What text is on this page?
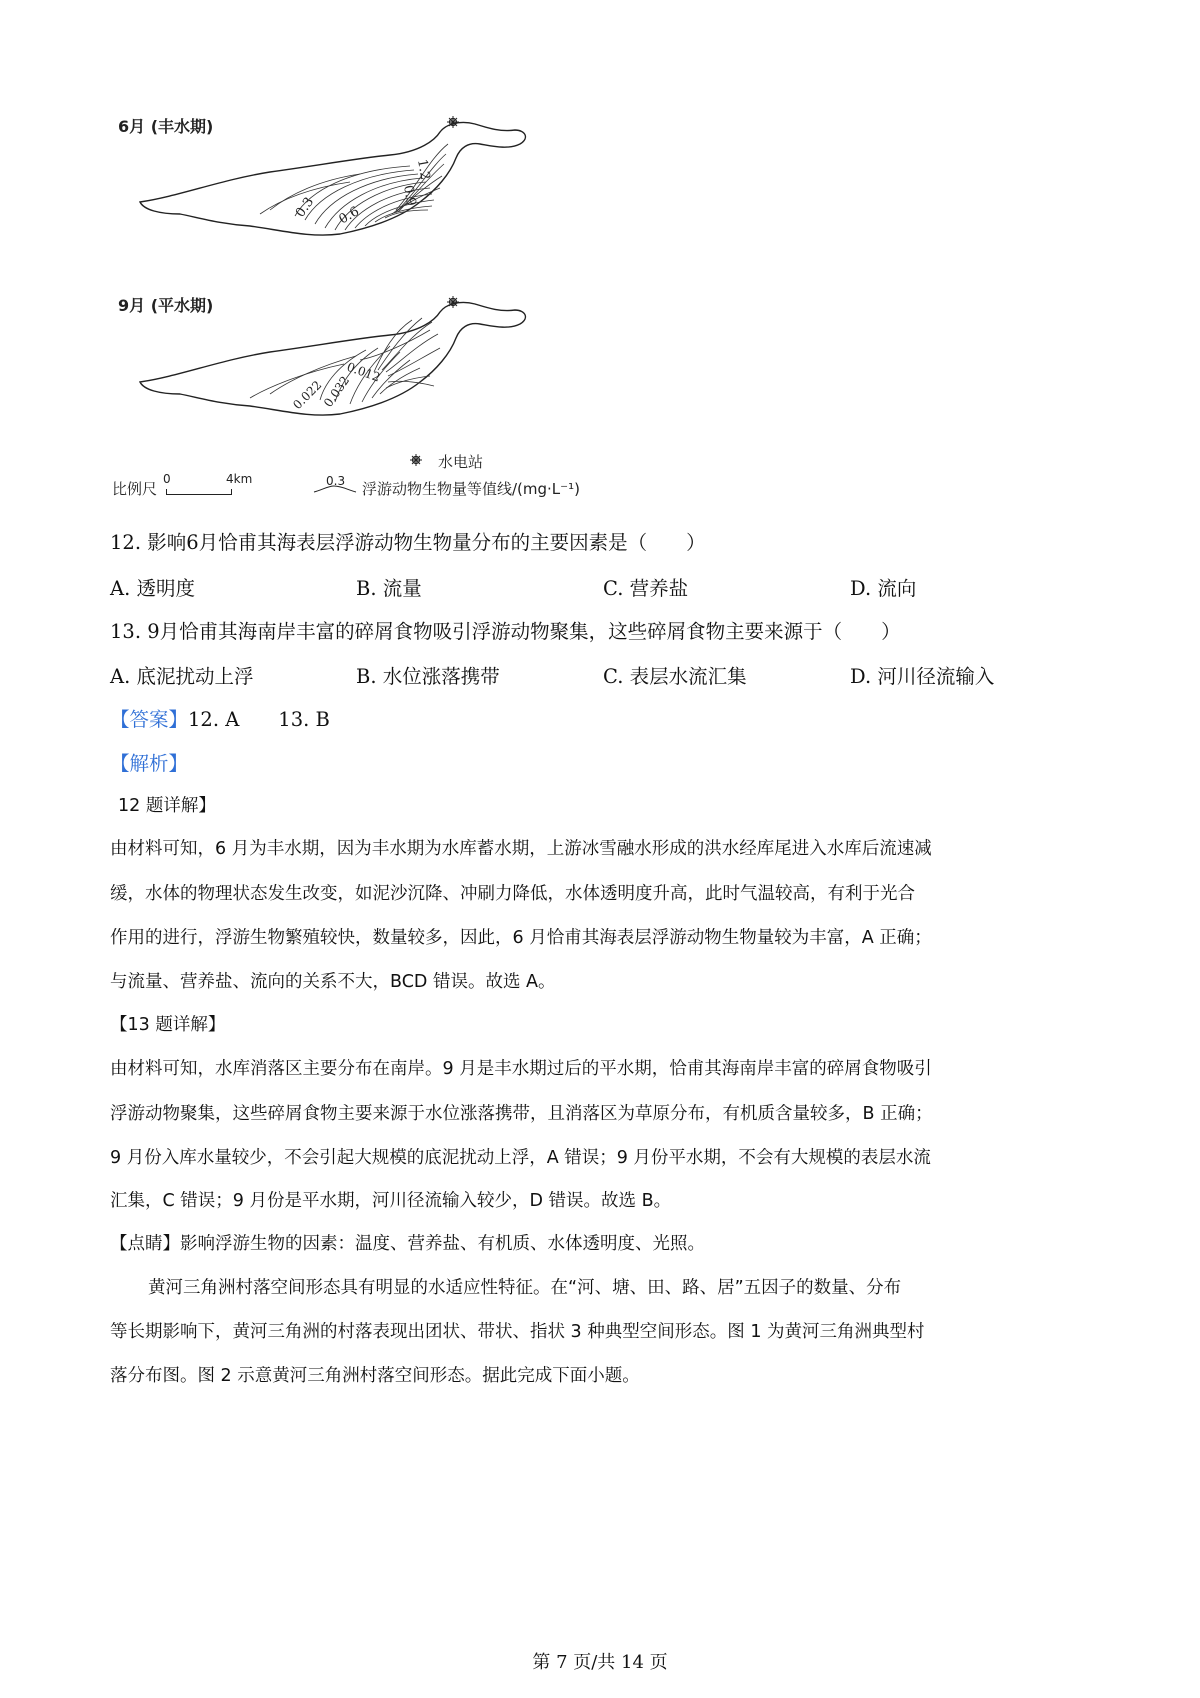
6月 (丰水期)
0.3 0.6
0.9
1.2
9月 (平水期)
0.022
0.032
0.012
水电站
比例尺
0	4km	0.3 浮游动物生物量等值线/(mg·L⁻¹)
12. 影响6月恰甫其海表层浮游动物生物量分布的主要因素是（　　）
A. 透明度	B. 流量	C. 营养盐	D. 流向
13. 9月恰甫其海南岸丰富的碎屑食物吸引浮游动物聚集，这些碎屑食物主要来源于（　　）
A. 底泥扰动上浮	B. 水位涨落携带	C. 表层水流汇集	D. 河川径流输入
【答案】12. A　　13. B
【解析】
12 题详解】
由材料可知，6 月为丰水期，因为丰水期为水库蓄水期，上游冰雪融水形成的洪水经库尾进入水库后流速减
缓，水体的物理状态发生改变，如泥沙沉降、冲刷力降低，水体透明度升高，此时气温较高，有利于光合
作用的进行，浮游生物繁殖较快，数量较多，因此，6 月恰甫其海表层浮游动物生物量较为丰富，A 正确；
与流量、营养盐、流向的关系不大，BCD 错误。故选 A。
【13 题详解】
由材料可知，水库消落区主要分布在南岸。9 月是丰水期过后的平水期，恰甫其海南岸丰富的碎屑食物吸引
浮游动物聚集，这些碎屑食物主要来源于水位涨落携带，且消落区为草原分布，有机质含量较多，B 正确；
9 月份入库水量较少，不会引起大规模的底泥扰动上浮，A 错误；9 月份平水期，不会有大规模的表层水流
汇集，C 错误；9 月份是平水期，河川径流输入较少，D 错误。故选 B。
【点睛】影响浮游生物的因素：温度、营养盐、有机质、水体透明度、光照。
黄河三角洲村落空间形态具有明显的水适应性特征。在“河、塘、田、路、居”五因子的数量、分布
等长期影响下，黄河三角洲的村落表现出团状、带状、指状 3 种典型空间形态。图 1 为黄河三角洲典型村
落分布图。图 2 示意黄河三角洲村落空间形态。据此完成下面小题。
第 7 页/共 14 页
